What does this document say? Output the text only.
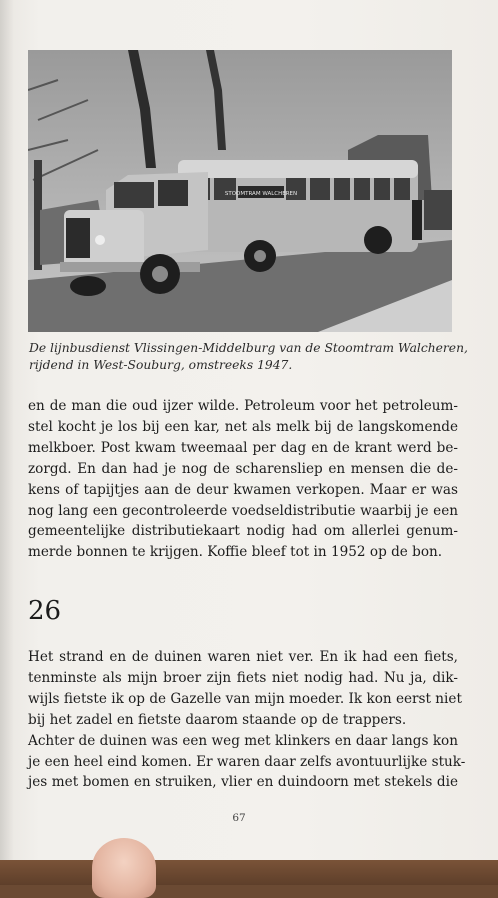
STOOMTRAM WALCHEREN
De lijnbusdienst Vlissingen-Middelburg van de Stoomtram Walcheren,
rijdend in West-Souburg, omstreeks 1947.
en de man die oud ijzer wilde. Petroleum voor het petroleum-
stel kocht je los bij een kar, net als melk bij de langskomende
melkboer. Post kwam tweemaal per dag en de krant werd be-
zorgd. En dan had je nog de scharensliep en mensen die de-
kens of tapijtjes aan de deur kwamen verkopen. Maar er was
nog lang een gecontroleerde voedseldistributie waarbij je een
gemeentelijke distributiekaart nodig had om allerlei genum-
merde bonnen te krijgen. Koffie bleef tot in 1952 op de bon.
26
Het strand en de duinen waren niet ver. En ik had een fiets,
tenminste als mijn broer zijn fiets niet nodig had. Nu ja, dik-
wijls fietste ik op de Gazelle van mijn moeder. Ik kon eerst niet
bij het zadel en fietste daarom staande op de trappers.
Achter de duinen was een weg met klinkers en daar langs kon
je een heel eind komen. Er waren daar zelfs avontuurlijke stuk-
jes met bomen en struiken, vlier en duindoorn met stekels die
67
